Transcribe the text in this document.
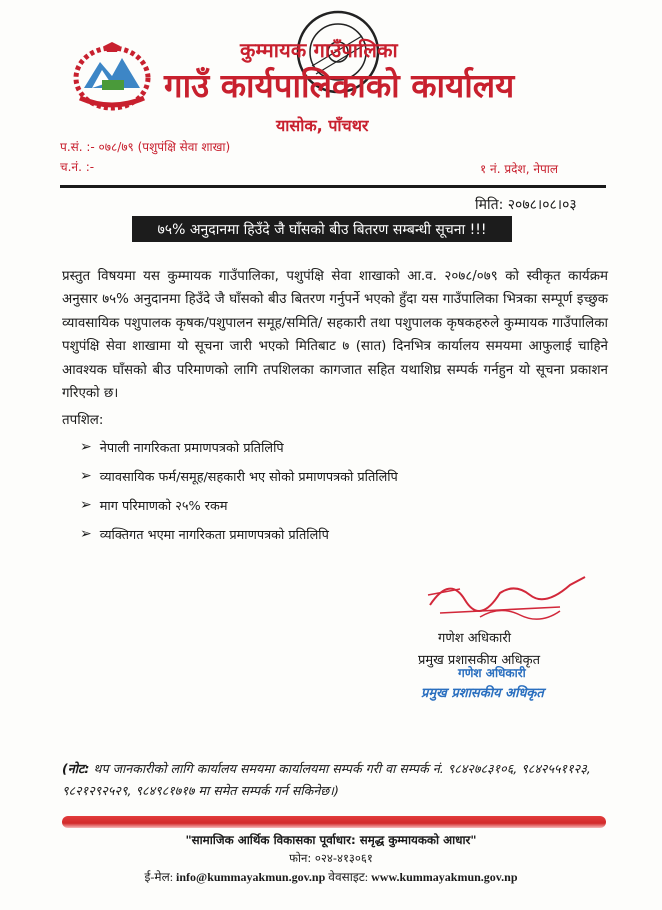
कुम्मायक गाउँपालिका
गाउँ कार्यपालिकाको कार्यालय
यासोक, पाँचथर
प.सं. :- ०७८/७९ (पशुपंक्षि सेवा शाखा)
च.नं. :-	१ नं. प्रदेश, नेपाल
मिति: २०७८।०८।०३
७५% अनुदानमा हिउँदे जै घाँसको बीउ बितरण सम्बन्धी सूचना !!!
प्रस्तुत विषयमा यस कुम्मायक गाउँपालिका, पशुपंक्षि सेवा शाखाको आ.व. २०७८/०७९ को स्वीकृत कार्यक्रम अनुसार ७५% अनुदानमा हिउँदे जै घाँसको बीउ बितरण गर्नुपर्ने भएको हुँदा यस गाउँपालिका भित्रका सम्पूर्ण इच्छुक व्यावसायिक पशुपालक कृषक/पशुपालन समूह/समिति/ सहकारी तथा पशुपालक कृषकहरुले कुम्मायक गाउँपालिका पशुपंक्षि सेवा शाखामा यो सूचना जारी भएको मितिबाट ७ (सात) दिनभित्र कार्यालय समयमा आफुलाई चाहिने आवश्यक घाँसको बीउ परिमाणको लागि तपशिलका कागजात सहित यथाशिघ्र सम्पर्क गर्नहुन यो सूचना प्रकाशन गरिएको छ।
तपशिल:
➢ नेपाली नागरिकता प्रमाणपत्रको प्रतिलिपि
➢ व्यावसायिक फर्म/समूह/सहकारी भए सोको प्रमाणपत्रको प्रतिलिपि
➢ माग परिमाणको २५% रकम
➢ व्यक्तिगत भएमा नागरिकता प्रमाणपत्रको प्रतिलिपि
गणेश अधिकारी
प्रमुख प्रशासकीय अधिकृत
गणेश अधिकारी
प्रमुख प्रशासकीय अधिकृत
(नोट: थप जानकारीको लागि कार्यालय समयमा कार्यालयमा सम्पर्क गरी वा सम्पर्क नं. ९८४२७८३१०६, ९८४२५५११२३, ९८२१२९२५२९, ९८४९८१७१७ मा समेत सम्पर्क गर्न सकिनेछ।)
"सामाजिक आर्थिक विकासका पूर्वाधार: समृद्ध कुम्मायकको आधार"
फोन: ०२४-४१३०६१
ई-मेल: info@kummayakmun.gov.np वेवसाइट: www.kummayakmun.gov.np
